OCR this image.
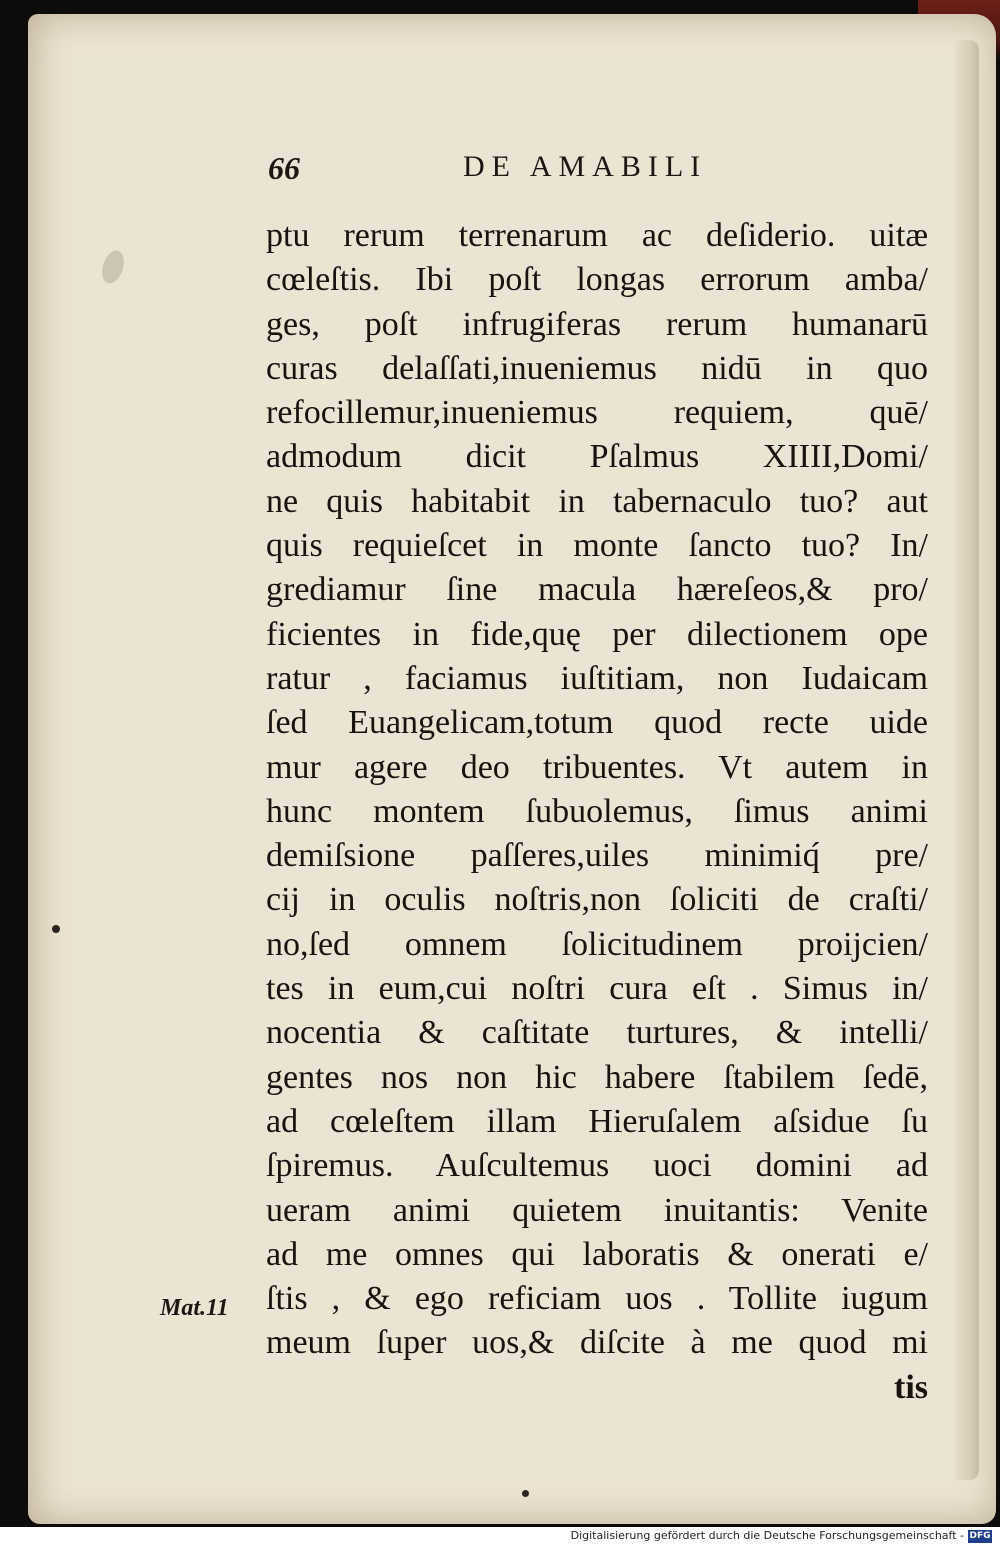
66	DE AMABILI
ptu rerum terrenarum ac deſiderio. uitæ
cœleſtis. Ibi poſt longas errorum amba/
ges, poſt infrugiferas rerum humanarū
curas delaſſati,inueniemus nidū in quo
refocillemur,inueniemus requiem, quē/
admodum dicit Pſalmus XIIII,Domi/
ne quis habitabit in tabernaculo tuo? aut
quis requieſcet in monte ſancto tuo? In/
grediamur ſine macula hæreſeos,& pro/
ficientes in fide,quę per dilectionem ope
ratur , faciamus iuſtitiam, non Iudaicam
ſed Euangelicam,totum quod recte uide
mur agere deo tribuentes. Vt autem in
hunc montem ſubuolemus, ſimus animi
demiſsione paſſeres,uiles minimiq́ pre/
cij in oculis noſtris,non ſoliciti de craſti/
no,ſed omnem ſolicitudinem proijcien/
tes in eum,cui noſtri cura eſt . Simus in/
nocentia & caſtitate turtures, & intelli/
gentes nos non hic habere ſtabilem ſedē,
ad cœleſtem illam Hieruſalem aſsidue ſu
ſpiremus. Auſcultemus uoci domini ad
ueram animi quietem inuitantis: Venite
ad me omnes qui laboratis & onerati e/
ſtis , & ego reficiam uos . Tollite iugum
meum ſuper uos,& diſcite à me quod mi
tis
Mat.11
Digitalisierung gefördert durch die Deutsche Forschungsgemeinschaft - DFG
